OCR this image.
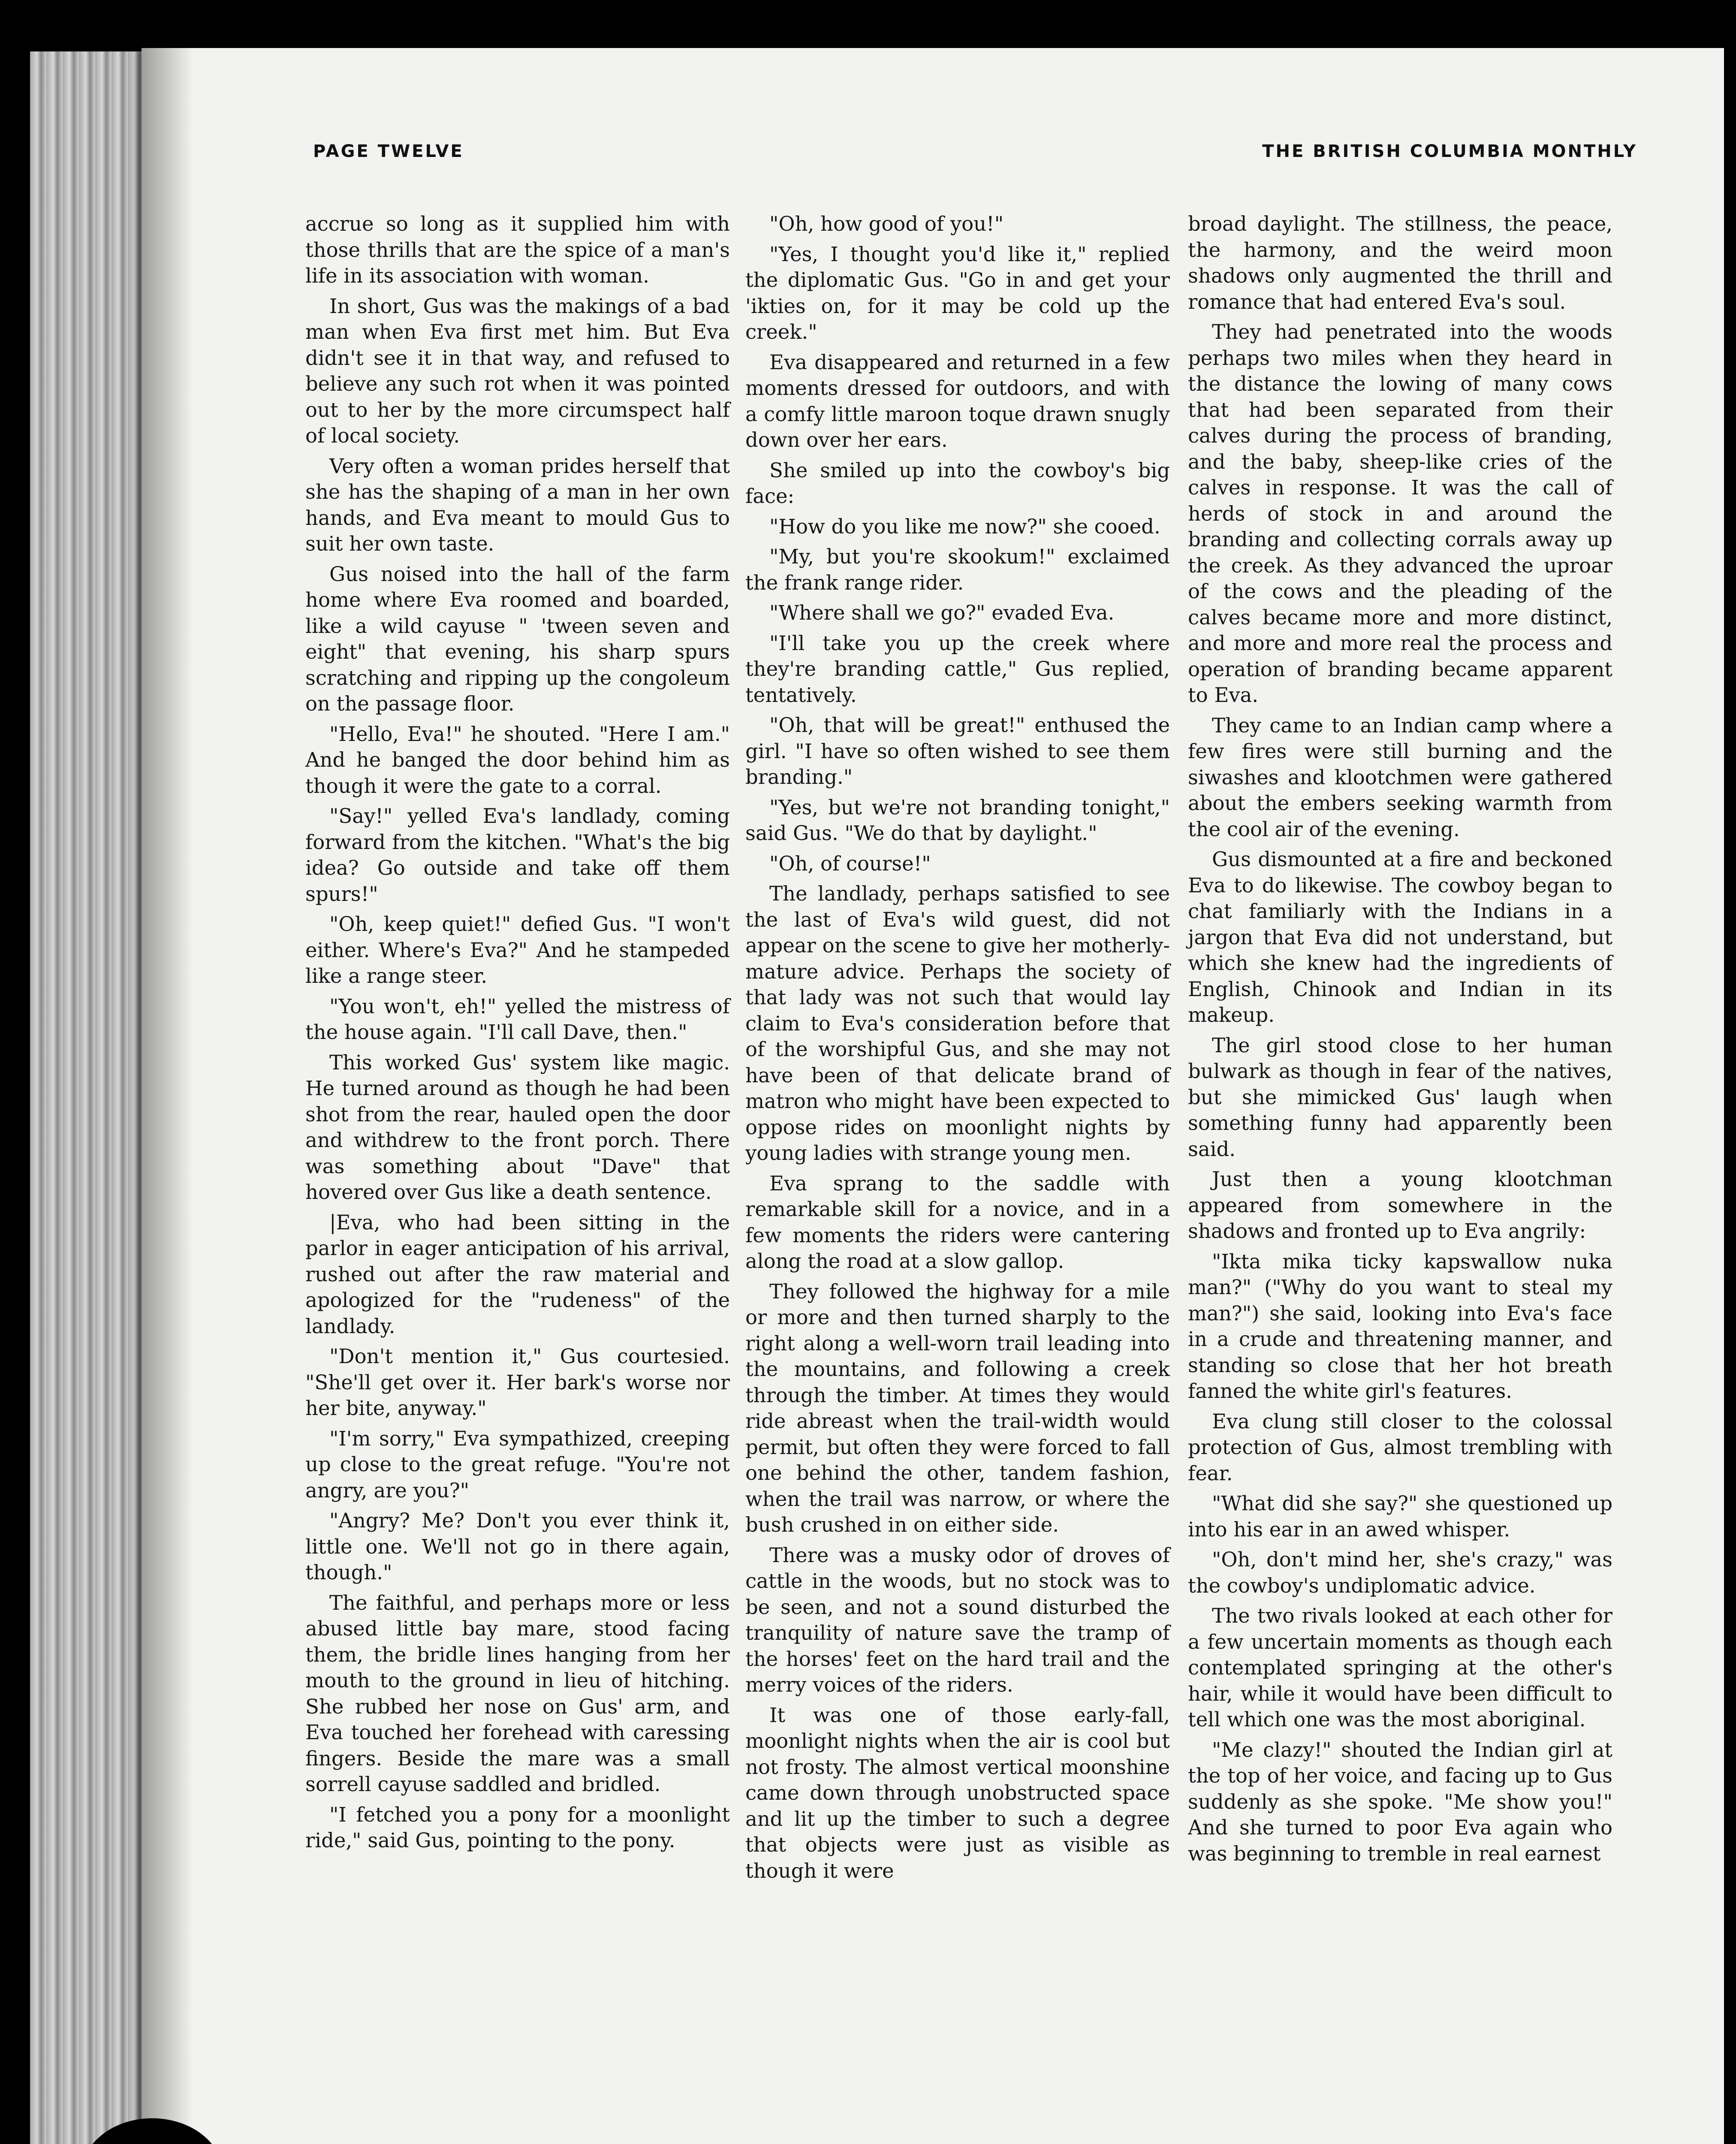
PAGE TWELVE	THE BRITISH COLUMBIA MONTHLY

accrue so long as it supplied him with those thrills that are the spice of a man's life in its association with woman.

In short, Gus was the makings of a bad man when Eva first met him. But Eva didn't see it in that way, and refused to believe any such rot when it was pointed out to her by the more circumspect half of local society.

Very often a woman prides herself that she has the shaping of a man in her own hands, and Eva meant to mould Gus to suit her own taste.

Gus noised into the hall of the farm home where Eva roomed and boarded, like a wild cayuse " 'tween seven and eight" that evening, his sharp spurs scratching and ripping up the congoleum on the passage floor.

"Hello, Eva!" he shouted. "Here I am." And he banged the door behind him as though it were the gate to a corral.

"Say!" yelled Eva's landlady, coming forward from the kitchen. "What's the big idea? Go outside and take off them spurs!"

"Oh, keep quiet!" defied Gus. "I won't either. Where's Eva?" And he stampeded like a range steer.

"You won't, eh!" yelled the mistress of the house again. "I'll call Dave, then."

This worked Gus' system like magic. He turned around as though he had been shot from the rear, hauled open the door and withdrew to the front porch. There was something about "Dave" that hovered over Gus like a death sentence.

|Eva, who had been sitting in the parlor in eager anticipation of his arrival, rushed out after the raw material and apologized for the "rudeness" of the landlady.

"Don't mention it," Gus courtesied. "She'll get over it. Her bark's worse nor her bite, anyway."

"I'm sorry," Eva sympathized, creeping up close to the great refuge. "You're not angry, are you?"

"Angry? Me? Don't you ever think it, little one. We'll not go in there again, though."

The faithful, and perhaps more or less abused little bay mare, stood facing them, the bridle lines hanging from her mouth to the ground in lieu of hitching. She rubbed her nose on Gus' arm, and Eva touched her forehead with caressing fingers. Beside the mare was a small sorrell cayuse saddled and bridled.

"I fetched you a pony for a moonlight ride," said Gus, pointing to the pony.

"Oh, how good of you!"

"Yes, I thought you'd like it," replied the diplomatic Gus. "Go in and get your 'ikties on, for it may be cold up the creek."

Eva disappeared and returned in a few moments dressed for outdoors, and with a comfy little maroon toque drawn snugly down over her ears.

She smiled up into the cowboy's big face:

"How do you like me now?" she cooed.

"My, but you're skookum!" exclaimed the frank range rider.

"Where shall we go?" evaded Eva.

"I'll take you up the creek where they're branding cattle," Gus replied, tentatively.

"Oh, that will be great!" enthused the girl. "I have so often wished to see them branding."

"Yes, but we're not branding tonight," said Gus. "We do that by daylight."

"Oh, of course!"

The landlady, perhaps satisfied to see the last of Eva's wild guest, did not appear on the scene to give her motherly-mature advice. Perhaps the society of that lady was not such that would lay claim to Eva's consideration before that of the worshipful Gus, and she may not have been of that delicate brand of matron who might have been expected to oppose rides on moonlight nights by young ladies with strange young men.

Eva sprang to the saddle with remarkable skill for a novice, and in a few moments the riders were cantering along the road at a slow gallop.

They followed the highway for a mile or more and then turned sharply to the right along a well-worn trail leading into the mountains, and following a creek through the timber. At times they would ride abreast when the trail-width would permit, but often they were forced to fall one behind the other, tandem fashion, when the trail was narrow, or where the bush crushed in on either side.

There was a musky odor of droves of cattle in the woods, but no stock was to be seen, and not a sound disturbed the tranquility of nature save the tramp of the horses' feet on the hard trail and the merry voices of the riders.

It was one of those early-fall, moonlight nights when the air is cool but not frosty. The almost vertical moonshine came down through unobstructed space and lit up the timber to such a degree that objects were just as visible as though it were

broad daylight. The stillness, the peace, the harmony, and the weird moon shadows only augmented the thrill and romance that had entered Eva's soul.

They had penetrated into the woods perhaps two miles when they heard in the distance the lowing of many cows that had been separated from their calves during the process of branding, and the baby, sheep-like cries of the calves in response. It was the call of herds of stock in and around the branding and collecting corrals away up the creek. As they advanced the uproar of the cows and the pleading of the calves became more and more distinct, and more and more real the process and operation of branding became apparent to Eva.

They came to an Indian camp where a few fires were still burning and the siwashes and klootchmen were gathered about the embers seeking warmth from the cool air of the evening.

Gus dismounted at a fire and beckoned Eva to do likewise. The cowboy began to chat familiarly with the Indians in a jargon that Eva did not understand, but which she knew had the ingredients of English, Chinook and Indian in its makeup.

The girl stood close to her human bulwark as though in fear of the natives, but she mimicked Gus' laugh when something funny had apparently been said.

Just then a young klootchman appeared from somewhere in the shadows and fronted up to Eva angrily:

"Ikta mika ticky kapswallow nuka man?" ("Why do you want to steal my man?") she said, looking into Eva's face in a crude and threatening manner, and standing so close that her hot breath fanned the white girl's features.

Eva clung still closer to the colossal protection of Gus, almost trembling with fear.

"What did she say?" she questioned up into his ear in an awed whisper.

"Oh, don't mind her, she's crazy," was the cowboy's undiplomatic advice.

The two rivals looked at each other for a few uncertain moments as though each contemplated springing at the other's hair, while it would have been difficult to tell which one was the most aboriginal.

"Me clazy!" shouted the Indian girl at the top of her voice, and facing up to Gus suddenly as she spoke. "Me show you!" And she turned to poor Eva again who was beginning to tremble in real earnest
